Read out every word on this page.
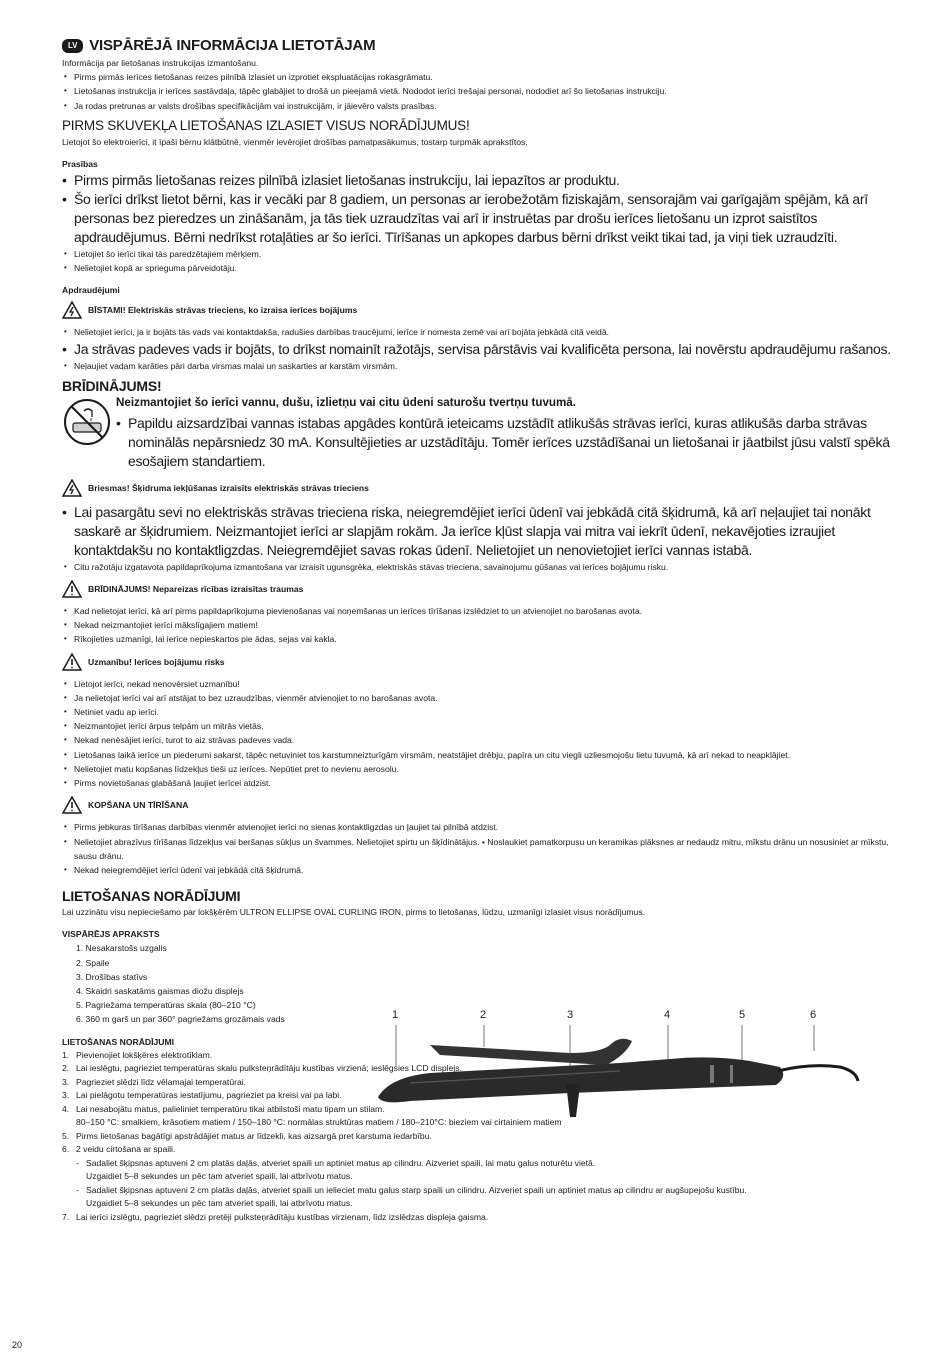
LV VISPĀRĒJĀ INFORMĀCIJA LIETOTĀJAM
Informācija par lietošanas instrukcijas izmantošanu.
• Pirms pirmās ierīces lietošanas reizes pilnībā izlasiet un izprotiet ekspluatācijas rokasgrāmatu.
• Lietošanas instrukcija ir ierīces sastāvdaļa, tāpēc glabājiet to drošā un pieejamā vietā. Nododot ierīci trešajai personai, nododiet arī šo lietošanas instrukciju.
• Ja rodas pretrunas ar valsts drošības specifikācijām vai instrukcijām, ir jāievēro valsts prasības.
PIRMS SKUVEKĻA LIETOŠANAS IZLASIET VISUS NORĀDĪJUMUS!
Lietojot šo elektroierīci, it īpaši bērnu klātbūtnē, vienmēr ievērojiet drošības pamatpasākumus, tostarp turpmāk aprakstītos.
Prasības
• Pirms pirmās lietošanas reizes pilnībā izlasiet lietošanas instrukciju, lai iepazītos ar produktu.
• Šo ierīci drīkst lietot bērni, kas ir vecāki par 8 gadiem, un personas ar ierobežotām fiziskajām, sensorajām vai garīgajām spējām, kā arī personas bez pieredzes un zināšanām, ja tās tiek uzraudzītas vai arī ir instruētas par drošu ierīces lietošanu un izprot saistītos apdraudējumus. Bērni nedrīkst rotaļāties ar šo ierīci. Tīrīšanas un apkopes darbus bērni drīkst veikt tikai tad, ja viņi tiek uzraudzīti.
• Lietojiet šo ierīci tikai tās paredzētajiem mērķiem.
• Nelietojiet kopā ar sprieguma pārveidotāju.
Apdraudējumi
BĪSTAMI! Elektriskās strāvas trieciens, ko izraisa ierīces bojājums
• Nelietojiet ierīci, ja ir bojāts tās vads vai kontaktdakša, radušies darbības traucējumi, ierīce ir nomesta zemē vai arī bojāta jebkādā citā veidā.
• Ja strāvas padeves vads ir bojāts, to drīkst nomainīt ražotājs, servisa pārstāvis vai kvalificēta persona, lai novērstu apdraudējumu rašanos.
• Neļaujiet vadam karāties pāri darba virsmas malai un saskarties ar karstām virsmām.
BRĪDINĀJUMS!
Neizmantojiet šo ierīci vannu, dušu, izlietņu vai citu ūdeni saturošu tvertņu tuvumā.
• Papildu aizsardzībai vannas istabas apgādes kontūrā ieteicams uzstādīt atlikušās strāvas ierīci, kuras atlikušās darba strāvas nominālās nepārsniedz 30 mA. Konsultējieties ar uzstādītāju. Tomēr ierīces uzstādīšanai un lietošanai ir jāatbilst jūsu valstī spēkā esošajiem standartiem.
Briesmas! Šķidruma iekļūšanas izraisīts elektriskās strāvas trieciens
• Lai pasargātu sevi no elektriskās strāvas trieciena riska, neiegremdējiet ierīci ūdenī vai jebkādā citā šķidrumā, kā arī neļaujiet tai nonākt saskarē ar šķidrumiem. Neizmantojiet ierīci ar slapjām rokām. Ja ierīce kļūst slapja vai mitra vai iekrīt ūdenī, nekavējoties izraujiet kontaktdakšu no kontaktligzdas. Neiegremdējiet savas rokas ūdenī. Nelietojiet un nenovietojiet ierīci vannas istabā.
• Citu ražotāju izgatavota papildaprīkojuma izmantošana var izraisīt ugunsgrēka, elektriskās stāvas trieciena, savainojumu gūšanas vai ierīces bojājumu risku.
BRĪDINĀJUMS! Nepareizas rīcības izraisītas traumas
• Kad nelietojat ierīci, kā arī pirms papildaprīkojuma pievienošanas vai noņemšanas un ierīces tīrīšanas izslēdziet to un atvienojiet no barošanas avota.
• Nekad neizmantojiet ierīci mākslīgajiem matiem!
• Rīkojieties uzmanīgi, lai ierīce nepieskartos pie ādas, sejas vai kakla.
Uzmanību! Ierīces bojājumu risks
• Lietojot ierīci, nekad nenovērsiet uzmanību!
• Ja nelietojat ierīci vai arī atstājat to bez uzraudzības, vienmēr atvienojiet to no barošanas avota.
• Netiniet vadu ap ierīci.
• Neizmantojiet ierīci ārpus telpām un mitrās vietās.
• Nekad nenēsājiet ierīci, turot to aiz strāvas padeves vada.
• Lietošanas laikā ierīce un piederumi sakarst, tāpēc netuviniet tos karstumneizturīgām virsmām, neatstājiet drēbju, papīra un citu viegli uzliesmojošu lietu tuvumā, kā arī nekad to neapklājiet.
• Nelietojiet matu kopšanas līdzekļus tieši uz ierīces. Nepūtiet pret to nevienu aerosolu.
• Pirms novietošanas glabāšanā ļaujiet ierīcei atdzist.
KOPŠANA UN TĪRĪŠANA
• Pirms jebkuras tīrīšanas darbības vienmēr atvienojiet ierīci no sienas kontaktligzdas un ļaujiet tai pilnībā atdzist.
• Nelietojiet abrazīvus tīrīšanas līdzekļus vai beršanas sūkļus un švammes. Nelietojiet spirtu un šķīdinātājus. • Noslaukiet pamatkorpusu un keramikas plāksnes ar nedaudz mitru, mīkstu drānu un nosusiniet ar mīkstu, sausu drānu.
• Nekad neiegremdējiet ierīci ūdenī vai jebkādā citā šķidrumā.
LIETOŠANAS NORĀDĪJUMI
Lai uzzinātu visu nepieciešamo par lokšķērēm ULTRON ELLIPSE OVAL CURLING IRON, pirms to lietošanas, lūdzu, uzmanīgi izlasiet visus norādījumus.
VISPĀRĒJS APRAKSTS
1. Nesakarstošs uzgalis
2. Spaile
3. Drošības statīvs
4. Skaidri saskatāms gaismas diožu displejs
5. Pagriežama temperatūras skala (80–210 °C)
6. 360 m garš un par 360° pagriežams grozāmais vads
LIETOŠANAS NORĀDĪJUMI
1. Pievienojiet lokšķēres elektrotīklam.
2. Lai ieslēgtu, pagrieziet temperatūras skalu pulksteņrādītāju kustības virzienā; ieslēgsies LCD displejs.
3. Pagrieziet slēdzi līdz vēlamajai temperatūrai.
3. Lai pielāgotu temperatūras iestatījumu, pagrieziet pa kreisi vai pa labi.
4. Lai nesabojātu matus, palieliniet temperatūru tikai atbilstoši matu tipam un stilam.
80–150 °C: smalkiem, krāsotiem matiem / 150–180 °C: normālas struktūras matiem / 180–210°C: bieziem vai cirtainiem matiem
5. Pirms lietošanas bagātīgi apstrādājiet matus ar līdzekli, kas aizsargā pret karstuma iedarbību.
6. 2 veidu cirtošana ar spaili.
- Sadaliet šķipsnas aptuveni 2 cm platās daļās, atveriet spaili un aptiniet matus ap cilindru. Aizveriet spaili, lai matu galus noturētu vietā.
Uzgaidiet 5–8 sekundes un pēc tam atveriet spaili, lai atbrīvotu matus.
- Sadaliet šķipsnas aptuveni 2 cm platās daļās, atveriet spaili un ielieciet matu galus starp spaili un cilindru. Aizveriet spaili un aptiniet matus ap cilindru ar augšupejošu kustību.
Uzgaidiet 5–8 sekundes un pēc tam atveriet spaili, lai atbrīvotu matus.
7. Lai ierīci izslēgtu, pagrieziet slēdzi pretēji pulksteņrādītāju kustības virzienam, līdz izslēdzas displeja gaisma.
1	2	3	4	5	6
20
